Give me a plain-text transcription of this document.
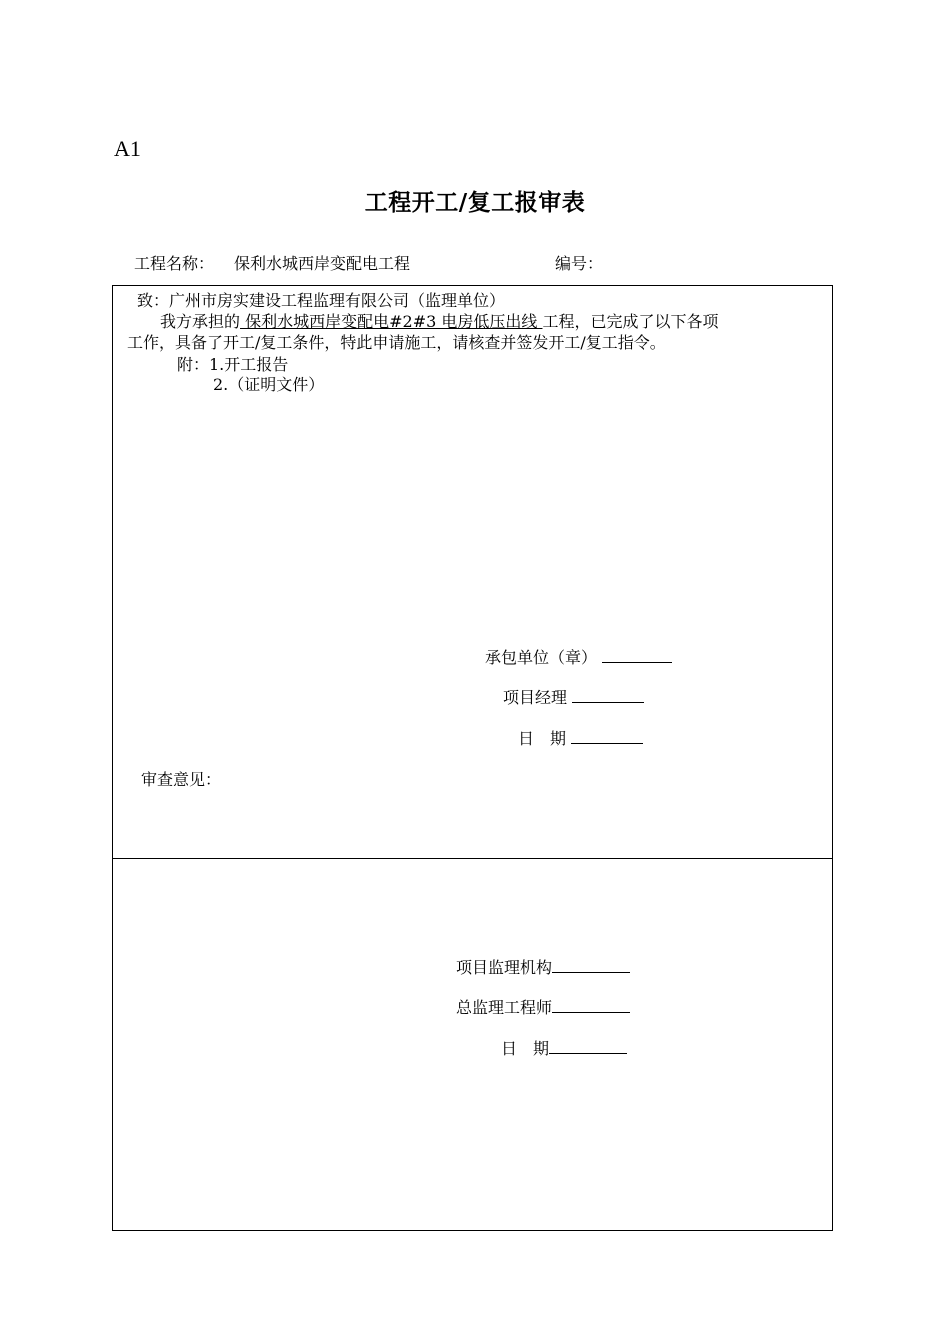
A1
工程开工/复工报审表
工程名称： 保利水城西岸变配电工程	编号：
致：广州市房实建设工程监理有限公司（监理单位）
我方承担的 保利水城西岸变配电#2#3 电房低压出线 工程，已完成了以下各项
工作，具备了开工/复工条件，特此申请施工，请核查并签发开工/复工指令。
附：1.开工报告
2.（证明文件）
承包单位（章）
项目经理
日　期
审查意见：
项目监理机构
总监理工程师
日　期
